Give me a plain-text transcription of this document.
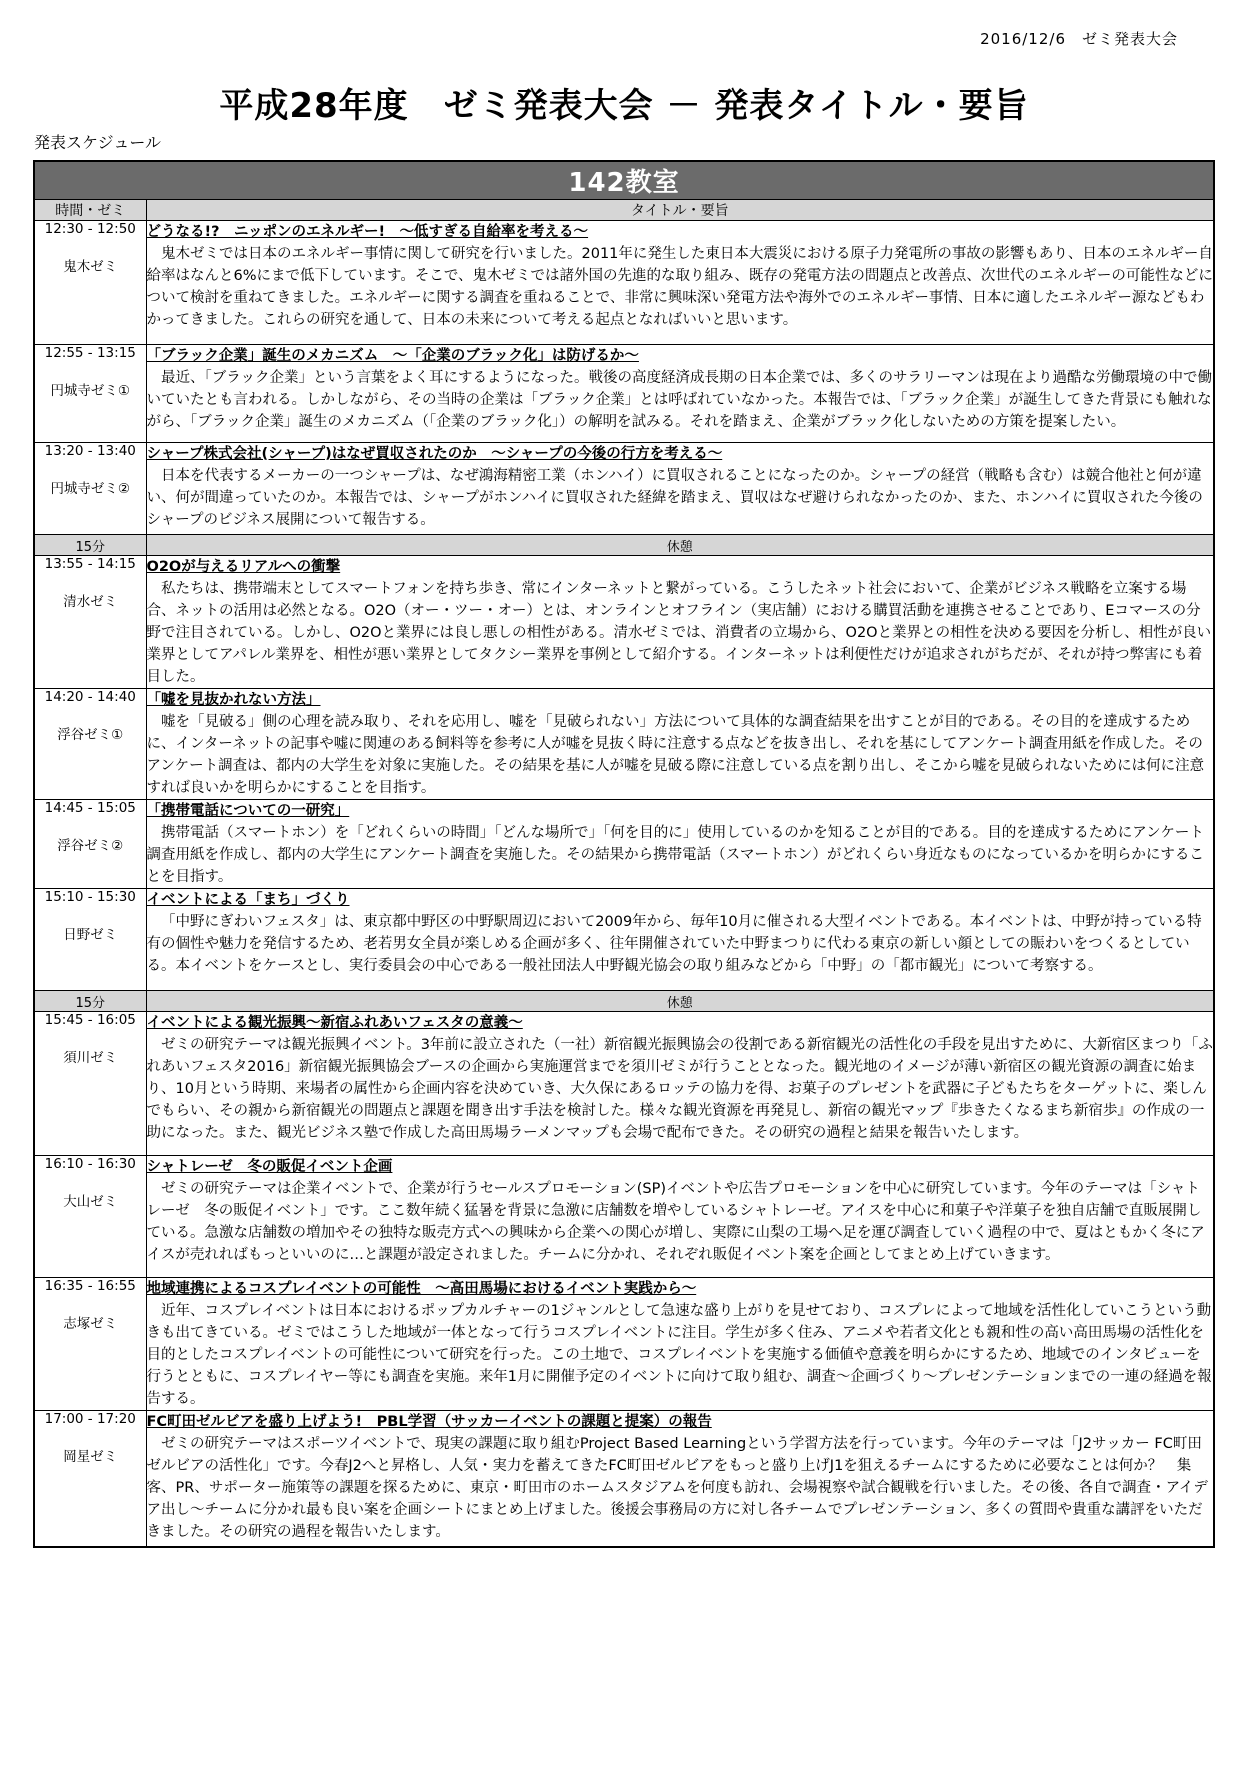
2016/12/6　ゼミ発表大会
平成28年度　ゼミ発表大会 － 発表タイトル・要旨
発表スケジュール
142教室	
時間・ゼミ	タイトル・要旨

12:30 - 12:50
鬼木ゼミ	どうなる!?　ニッポンのエネルギー!　～低すぎる自給率を考える～
鬼木ゼミでは日本のエネルギー事情に関して研究を行いました。2011年に発生した東日本大震災における原子力発電所の事故の影響もあり、日本のエネルギー自給率はなんと6%にまで低下しています。そこで、鬼木ゼミでは諸外国の先進的な取り組み、既存の発電方法の問題点と改善点、次世代のエネルギーの可能性などについて検討を重ねてきました。エネルギーに関する調査を重ねることで、非常に興味深い発電方法や海外でのエネルギー事情、日本に適したエネルギー源などもわかってきました。これらの研究を通して、日本の未来について考える起点となればいいと思います。

12:55 - 13:15
円城寺ゼミ①	「ブラック企業」誕生のメカニズム　～「企業のブラック化」は防げるか～
最近、「ブラック企業」という言葉をよく耳にするようになった。戦後の高度経済成長期の日本企業では、多くのサラリーマンは現在より過酷な労働環境の中で働いていたとも言われる。しかしながら、その当時の企業は「ブラック企業」とは呼ばれていなかった。本報告では、「ブラック企業」が誕生してきた背景にも触れながら、「ブラック企業」誕生のメカニズム（「企業のブラック化」）の解明を試みる。それを踏まえ、企業がブラック化しないための方策を提案したい。

13:20 - 13:40
円城寺ゼミ②	シャープ株式会社(シャープ)はなぜ買収されたのか　～シャープの今後の行方を考える～
日本を代表するメーカーの一つシャープは、なぜ鴻海精密工業（ホンハイ）に買収されることになったのか。シャープの経営（戦略も含む）は競合他社と何が違い、何が間違っていたのか。本報告では、シャープがホンハイに買収された経緯を踏まえ、買収はなぜ避けられなかったのか、また、ホンハイに買収された今後のシャープのビジネス展開について報告する。

15分	休憩

13:55 - 14:15
清水ゼミ	O2Oが与えるリアルへの衝撃
私たちは、携帯端末としてスマートフォンを持ち歩き、常にインターネットと繋がっている。こうしたネット社会において、企業がビジネス戦略を立案する場合、ネットの活用は必然となる。O2O（オー・ツー・オー）とは、オンラインとオフライン（実店舗）における購買活動を連携させることであり、Eコマースの分野で注目されている。しかし、O2Oと業界には良し悪しの相性がある。清水ゼミでは、消費者の立場から、O2Oと業界との相性を決める要因を分析し、相性が良い業界としてアパレル業界を、相性が悪い業界としてタクシー業界を事例として紹介する。インターネットは利便性だけが追求されがちだが、それが持つ弊害にも着目した。

14:20 - 14:40
浮谷ゼミ①	「嘘を見抜かれない方法」
嘘を「見破る」側の心理を読み取り、それを応用し、嘘を「見破られない」方法について具体的な調査結果を出すことが目的である。その目的を達成するために、インターネットの記事や嘘に関連のある飼料等を参考に人が嘘を見抜く時に注意する点などを抜き出し、それを基にしてアンケート調査用紙を作成した。そのアンケート調査は、都内の大学生を対象に実施した。その結果を基に人が嘘を見破る際に注意している点を割り出し、そこから嘘を見破られないためには何に注意すれば良いかを明らかにすることを目指す。

14:45 - 15:05
浮谷ゼミ②	「携帯電話についての一研究」
携帯電話（スマートホン）を「どれくらいの時間」「どんな場所で」「何を目的に」使用しているのかを知ることが目的である。目的を達成するためにアンケート調査用紙を作成し、都内の大学生にアンケート調査を実施した。その結果から携帯電話（スマートホン）がどれくらい身近なものになっているかを明らかにすることを目指す。

15:10 - 15:30
日野ゼミ	イベントによる「まち」づくり
「中野にぎわいフェスタ」は、東京都中野区の中野駅周辺において2009年から、毎年10月に催される大型イベントである。本イベントは、中野が持っている特有の個性や魅力を発信するため、老若男女全員が楽しめる企画が多く、往年開催されていた中野まつりに代わる東京の新しい顔としての賑わいをつくるとしている。本イベントをケースとし、実行委員会の中心である一般社団法人中野観光協会の取り組みなどから「中野」の「都市観光」について考察する。

15分	休憩

15:45 - 16:05
須川ゼミ	イベントによる観光振興～新宿ふれあいフェスタの意義～
ゼミの研究テーマは観光振興イベント。3年前に設立された（一社）新宿観光振興協会の役割である新宿観光の活性化の手段を見出すために、大新宿区まつり「ふれあいフェスタ2016」新宿観光振興協会ブースの企画から実施運営までを須川ゼミが行うこととなった。観光地のイメージが薄い新宿区の観光資源の調査に始まり、10月という時期、来場者の属性から企画内容を決めていき、大久保にあるロッテの協力を得、お菓子のプレゼントを武器に子どもたちをターゲットに、楽しんでもらい、その親から新宿観光の問題点と課題を聞き出す手法を検討した。様々な観光資源を再発見し、新宿の観光マップ『歩きたくなるまち新宿歩』の作成の一助になった。また、観光ビジネス塾で作成した高田馬場ラーメンマップも会場で配布できた。その研究の過程と結果を報告いたします。

16:10 - 16:30
大山ゼミ	シャトレーゼ　冬の販促イベント企画
ゼミの研究テーマは企業イベントで、企業が行うセールスプロモーション(SP)イベントや広告プロモーションを中心に研究しています。今年のテーマは「シャトレーゼ　冬の販促イベント」です。ここ数年続く猛暑を背景に急激に店舗数を増やしているシャトレーゼ。アイスを中心に和菓子や洋菓子を独自店舗で直販展開している。急激な店舗数の増加やその独特な販売方式への興味から企業への関心が増し、実際に山梨の工場へ足を運び調査していく過程の中で、夏はともかく冬にアイスが売れればもっといいのに…と課題が設定されました。チームに分かれ、それぞれ販促イベント案を企画としてまとめ上げていきます。

16:35 - 16:55
志塚ゼミ	地域連携によるコスプレイベントの可能性　～高田馬場におけるイベント実践から～
近年、コスプレイベントは日本におけるポップカルチャーの1ジャンルとして急速な盛り上がりを見せており、コスプレによって地域を活性化していこうという動きも出てきている。ゼミではこうした地域が一体となって行うコスプレイベントに注目。学生が多く住み、アニメや若者文化とも親和性の高い高田馬場の活性化を目的としたコスプレイベントの可能性について研究を行った。この土地で、コスプレイベントを実施する価値や意義を明らかにするため、地域でのインタビューを行うとともに、コスプレイヤー等にも調査を実施。来年1月に開催予定のイベントに向けて取り組む、調査～企画づくり～プレゼンテーションまでの一連の経過を報告する。

17:00 - 17:20
岡星ゼミ	FC町田ゼルビアを盛り上げよう!　PBL学習（サッカーイベントの課題と提案）の報告
ゼミの研究テーマはスポーツイベントで、現実の課題に取り組むProject Based Learningという学習方法を行っています。今年のテーマは「J2サッカー FC町田ゼルビアの活性化」です。今春J2へと昇格し、人気・実力を蓄えてきたFC町田ゼルビアをもっと盛り上げJ1を狙えるチームにするために必要なことは何か？　集客、PR、サポーター施策等の課題を探るために、東京・町田市のホームスタジアムを何度も訪れ、会場視察や試合観戦を行いました。その後、各自で調査・アイデア出し～チームに分かれ最も良い案を企画シートにまとめ上げました。後援会事務局の方に対し各チームでプレゼンテーション、多くの質問や貴重な講評をいただきました。その研究の過程を報告いたします。
